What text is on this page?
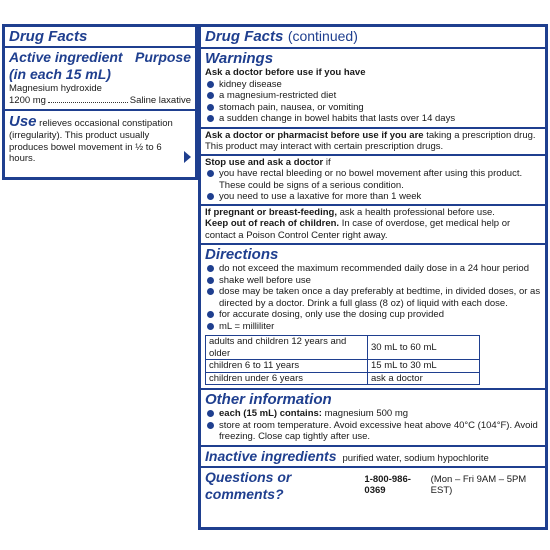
Drug Facts
Active ingredient Purpose
(in each 15 mL)
Magnesium hydroxide
1200 mg	Saline laxative
Use relieves occasional constipation (irregularity). This product usually produces bowel movement in ½ to 6 hours.
Drug Facts (continued)
Warnings
Ask a doctor before use if you have
kidney disease
a magnesium-restricted diet
stomach pain, nausea, or vomiting
a sudden change in bowel habits that lasts over 14 days
Ask a doctor or pharmacist before use if you are taking a prescription drug. This product may interact with certain prescription drugs.
Stop use and ask a doctor if
you have rectal bleeding or no bowel movement after using this product.
These could be signs of a serious condition.
you need to use a laxative for more than 1 week
If pregnant or breast-feeding, ask a health professional before use.
Keep out of reach of children. In case of overdose, get medical help or contact a Poison Control Center right away.
Directions
do not exceed the maximum recommended daily dose in a 24 hour period
shake well before use
dose may be taken once a day preferably at bedtime, in divided doses, or as directed by a doctor. Drink a full glass (8 oz) of liquid with each dose.
for accurate dosing, only use the dosing cup provided
mL = milliliter
adults and children 12 years and older	30 mL to 60 mL
children 6 to 11 years	15 mL to 30 mL
children under 6 years	ask a doctor
Other information
each (15 mL) contains: magnesium 500 mg
store at room temperature. Avoid excessive heat above 40°C (104°F). Avoid freezing. Close cap tightly after use.
Inactive ingredients purified water, sodium hypochlorite
Questions or comments?
1-800-986-0369
(Mon – Fri 9AM – 5PM EST)
